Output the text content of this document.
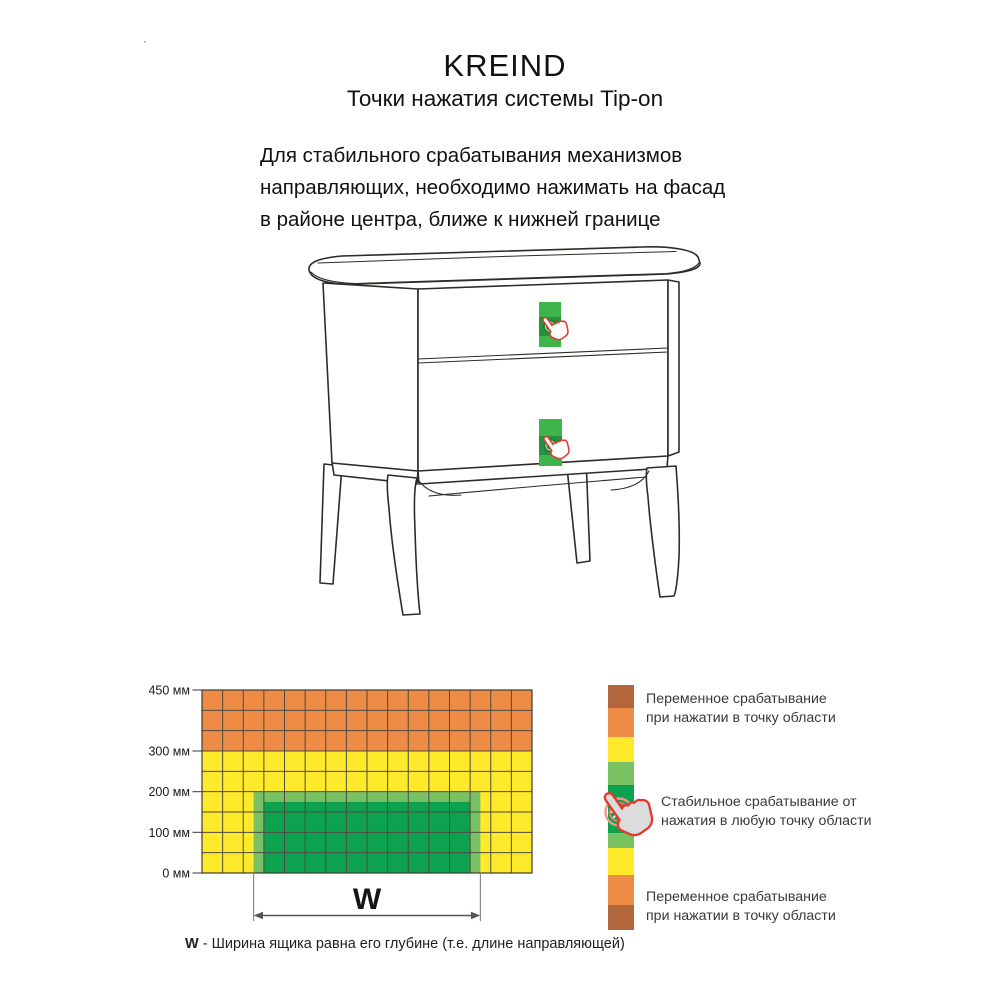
·
KREIND
Точки нажатия системы Tip-on
Для стабильного срабатывания механизмов
направляющих, необходимо нажимать на фасад
в районе центра, ближе к нижней границе
450 мм
300 мм
200 мм
100 мм
0 мм
W
Переменное срабатывание
при нажатии в точку области
Стабильное срабатывание от
нажатия в любую точку области
Переменное срабатывание
при нажатии в точку области
W - Ширина ящика равна его глубине (т.е. длине направляющей)
